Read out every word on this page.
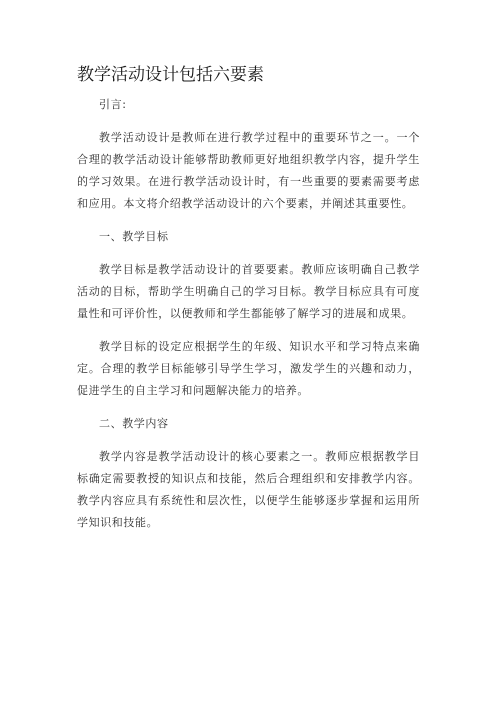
教学活动设计包括六要素

引言:

教学活动设计是教师在进行教学过程中的重要环节之一。一个合理的教学活动设计能够帮助教师更好地组织教学内容，提升学生的学习效果。在进行教学活动设计时，有一些重要的要素需要考虑和应用。本文将介绍教学活动设计的六个要素，并阐述其重要性。

一、教学目标

教学目标是教学活动设计的首要要素。教师应该明确自己教学活动的目标，帮助学生明确自己的学习目标。教学目标应具有可度量性和可评价性，以便教师和学生都能够了解学习的进展和成果。

教学目标的设定应根据学生的年级、知识水平和学习特点来确定。合理的教学目标能够引导学生学习，激发学生的兴趣和动力，促进学生的自主学习和问题解决能力的培养。

二、教学内容

教学内容是教学活动设计的核心要素之一。教师应根据教学目标确定需要教授的知识点和技能，然后合理组织和安排教学内容。教学内容应具有系统性和层次性，以便学生能够逐步掌握和运用所学知识和技能。
